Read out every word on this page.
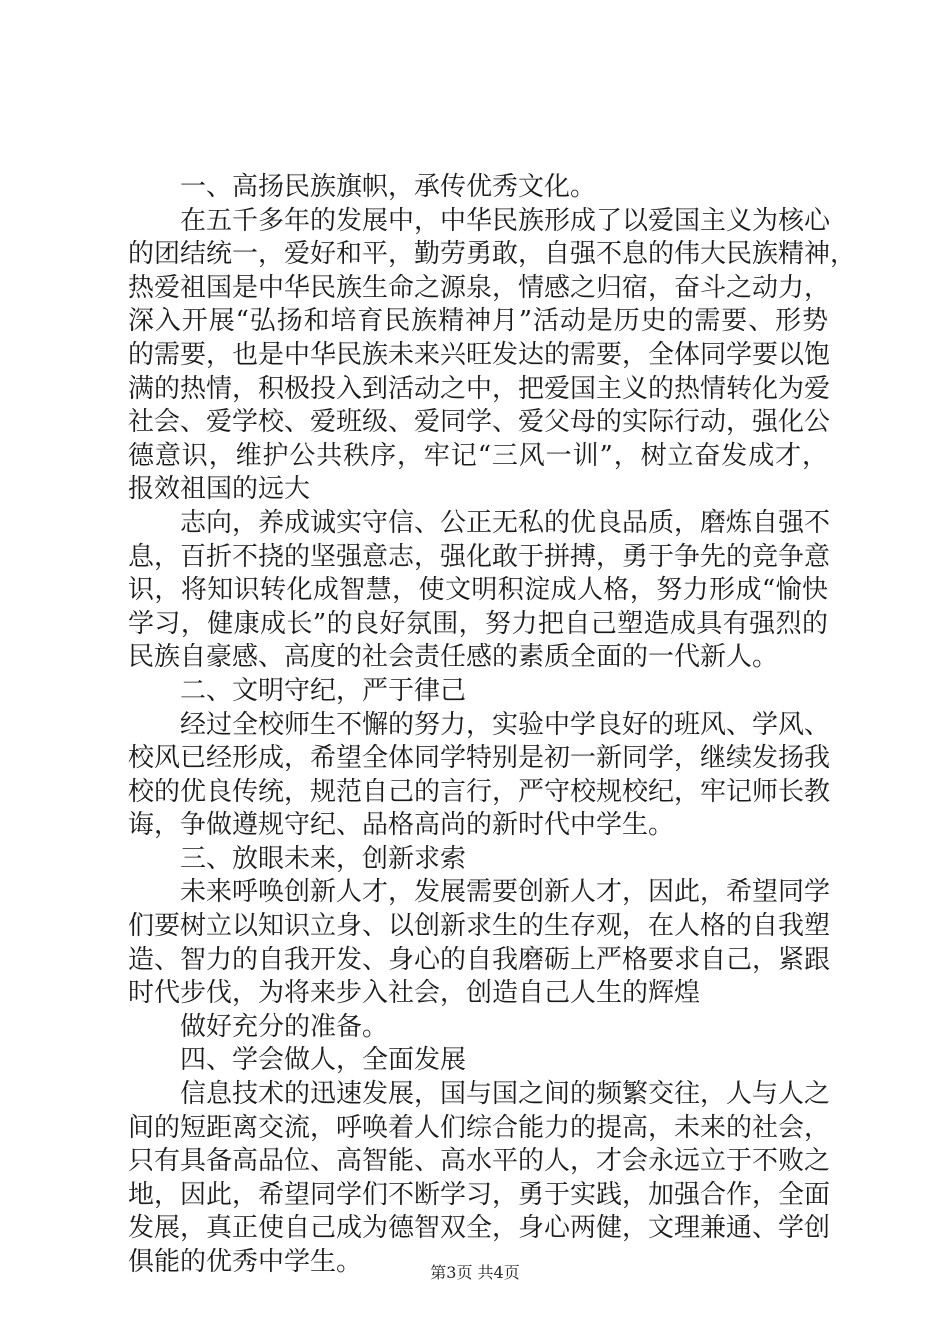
一、高扬民族旗帜，承传优秀文化。
在五千多年的发展中，中华民族形成了以爱国主义为核心
的团结统一，爱好和平，勤劳勇敢，自强不息的伟大民族精神，
热爱祖国是中华民族生命之源泉，情感之归宿，奋斗之动力，
深入开展“弘扬和培育民族精神月”活动是历史的需要、形势
的需要，也是中华民族未来兴旺发达的需要，全体同学要以饱
满的热情，积极投入到活动之中，把爱国主义的热情转化为爱
社会、爱学校、爱班级、爱同学、爱父母的实际行动，强化公
德意识，维护公共秩序，牢记“三风一训”，树立奋发成才，
报效祖国的远大
志向，养成诚实守信、公正无私的优良品质，磨炼自强不
息，百折不挠的坚强意志，强化敢于拼搏，勇于争先的竞争意
识，将知识转化成智慧，使文明积淀成人格，努力形成“愉快
学习，健康成长”的良好氛围，努力把自己塑造成具有强烈的
民族自豪感、高度的社会责任感的素质全面的一代新人。
二、文明守纪，严于律己
经过全校师生不懈的努力，实验中学良好的班风、学风、
校风已经形成，希望全体同学特别是初一新同学，继续发扬我
校的优良传统，规范自己的言行，严守校规校纪，牢记师长教
诲，争做遵规守纪、品格高尚的新时代中学生。
三、放眼未来，创新求索
未来呼唤创新人才，发展需要创新人才，因此，希望同学
们要树立以知识立身、以创新求生的生存观，在人格的自我塑
造、智力的自我开发、身心的自我磨砺上严格要求自己，紧跟
时代步伐，为将来步入社会，创造自己人生的辉煌
做好充分的准备。
四、学会做人，全面发展
信息技术的迅速发展，国与国之间的频繁交往，人与人之
间的短距离交流，呼唤着人们综合能力的提高，未来的社会，
只有具备高品位、高智能、高水平的人，才会永远立于不败之
地，因此，希望同学们不断学习，勇于实践，加强合作，全面
发展，真正使自己成为德智双全，身心两健，文理兼通、学创
俱能的优秀中学生。	第3页 共4页
